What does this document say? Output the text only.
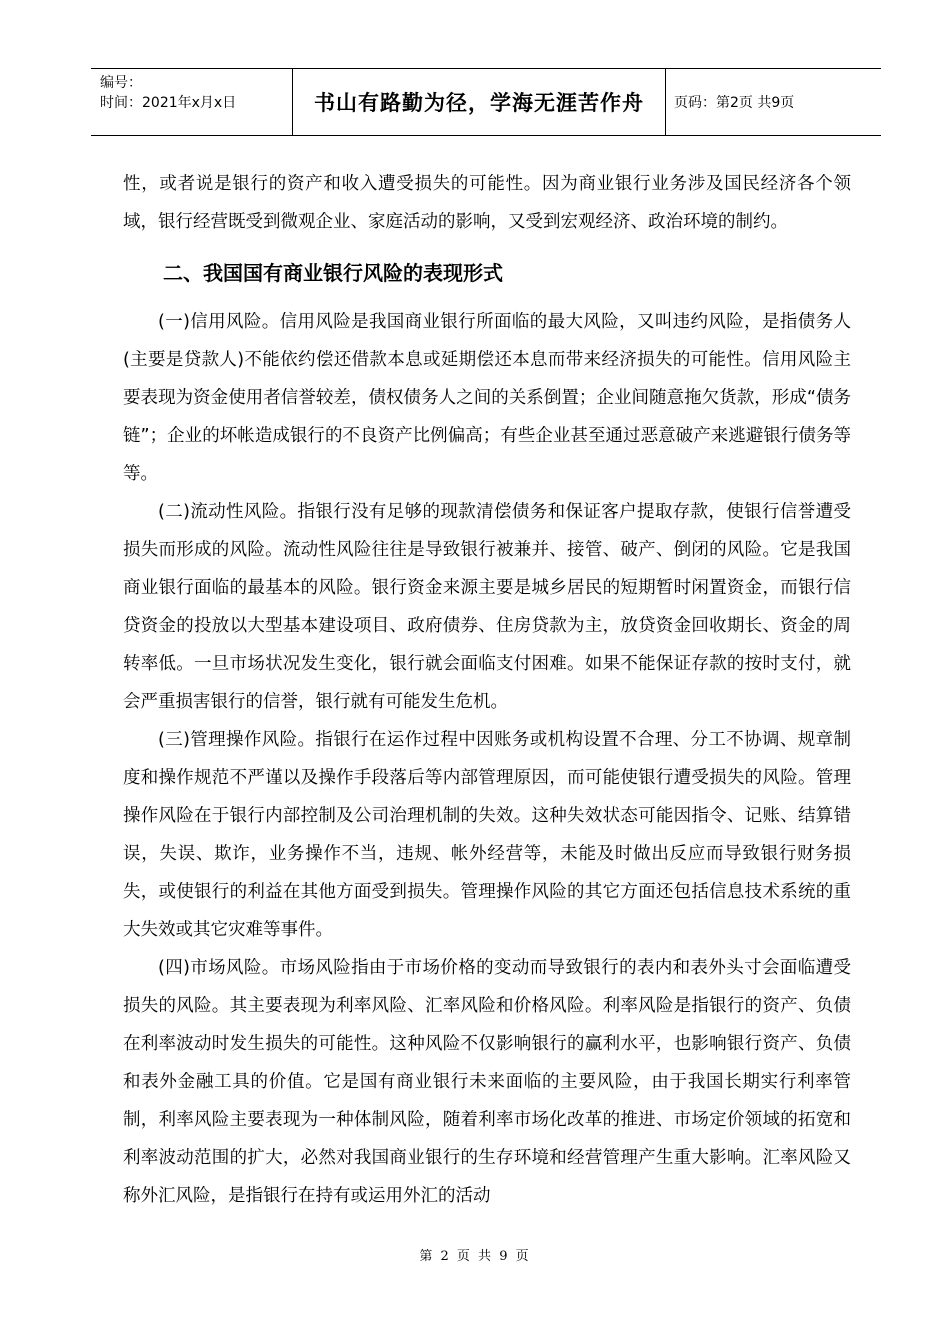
编号：
时间：2021年x月x日	书山有路勤为径，学海无涯苦作舟	页码：第2页 共9页

性，或者说是银行的资产和收入遭受损失的可能性。因为商业银行业务涉及国民经济各个领域，银行经营既受到微观企业、家庭活动的影响，又受到宏观经济、政治环境的制约。

二、我国国有商业银行风险的表现形式

(一)信用风险。信用风险是我国商业银行所面临的最大风险，又叫违约风险，是指债务人(主要是贷款人)不能依约偿还借款本息或延期偿还本息而带来经济损失的可能性。信用风险主要表现为资金使用者信誉较差，债权债务人之间的关系倒置；企业间随意拖欠货款，形成“债务链”；企业的坏帐造成银行的不良资产比例偏高；有些企业甚至通过恶意破产来逃避银行债务等等。

(二)流动性风险。指银行没有足够的现款清偿债务和保证客户提取存款，使银行信誉遭受损失而形成的风险。流动性风险往往是导致银行被兼并、接管、破产、倒闭的风险。它是我国商业银行面临的最基本的风险。银行资金来源主要是城乡居民的短期暂时闲置资金，而银行信贷资金的投放以大型基本建设项目、政府债券、住房贷款为主，放贷资金回收期长、资金的周转率低。一旦市场状况发生变化，银行就会面临支付困难。如果不能保证存款的按时支付，就会严重损害银行的信誉，银行就有可能发生危机。

(三)管理操作风险。指银行在运作过程中因账务或机构设置不合理、分工不协调、规章制度和操作规范不严谨以及操作手段落后等内部管理原因，而可能使银行遭受损失的风险。管理操作风险在于银行内部控制及公司治理机制的失效。这种失效状态可能因指令、记账、结算错误，失误、欺诈，业务操作不当，违规、帐外经营等，未能及时做出反应而导致银行财务损失，或使银行的利益在其他方面受到损失。管理操作风险的其它方面还包括信息技术系统的重大失效或其它灾难等事件。

(四)市场风险。市场风险指由于市场价格的变动而导致银行的表内和表外头寸会面临遭受损失的风险。其主要表现为利率风险、汇率风险和价格风险。利率风险是指银行的资产、负债在利率波动时发生损失的可能性。这种风险不仅影响银行的赢利水平，也影响银行资产、负债和表外金融工具的价值。它是国有商业银行未来面临的主要风险，由于我国长期实行利率管制，利率风险主要表现为一种体制风险，随着利率市场化改革的推进、市场定价领域的拓宽和利率波动范围的扩大，必然对我国商业银行的生存环境和经营管理产生重大影响。汇率风险又称外汇风险，是指银行在持有或运用外汇的活动

第 2 页 共 9 页
